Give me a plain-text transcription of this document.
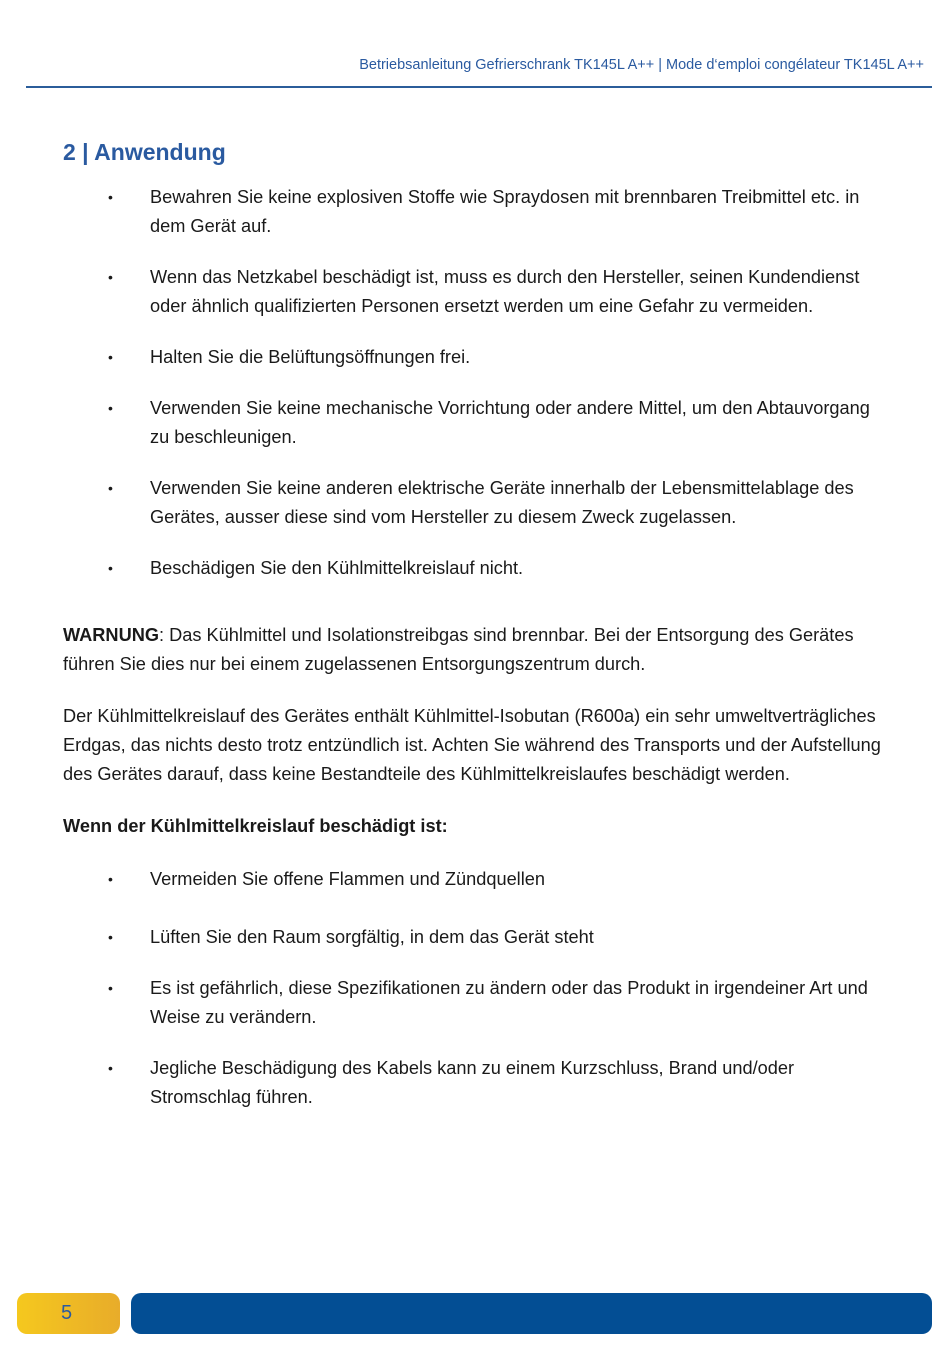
Betriebsanleitung Gefrierschrank TK145L A++ | Mode d‘emploi congélateur TK145L A++
2 | Anwendung
• Bewahren Sie keine explosiven Stoffe wie Spraydosen mit brennbaren Treibmittel etc. in dem Gerät auf.
• Wenn das Netzkabel beschädigt ist, muss es durch den Hersteller, seinen Kundendienst oder ähnlich qualifizierten Personen ersetzt werden um eine Gefahr zu vermeiden.
• Halten Sie die Belüftungsöffnungen frei.
• Verwenden Sie keine mechanische Vorrichtung oder andere Mittel, um den Abtauvorgang zu beschleunigen.
• Verwenden Sie keine anderen elektrische Geräte innerhalb der Lebensmittelablage des Gerätes, ausser diese sind vom Hersteller zu diesem Zweck zugelassen.
• Beschädigen Sie den Kühlmittelkreislauf nicht.

WARNUNG: Das Kühlmittel und Isolationstreibgas sind brennbar. Bei der Entsorgung des Gerätes führen Sie dies nur bei einem zugelassenen Entsorgungszentrum durch.

Der Kühlmittelkreislauf des Gerätes enthält Kühlmittel-Isobutan (R600a) ein sehr umweltverträgliches Erdgas, das nichts desto trotz entzündlich ist. Achten Sie während des Transports und der Aufstellung des Gerätes darauf, dass keine Bestandteile des Kühlmittelkreislaufes beschädigt werden.

Wenn der Kühlmittelkreislauf beschädigt ist:

• Vermeiden Sie offene Flammen und Zündquellen
• Lüften Sie den Raum sorgfältig, in dem das Gerät steht
• Es ist gefährlich, diese Spezifikationen zu ändern oder das Produkt in irgendeiner Art und Weise zu verändern.
• Jegliche Beschädigung des Kabels kann zu einem Kurzschluss, Brand und/oder Stromschlag führen.
5
